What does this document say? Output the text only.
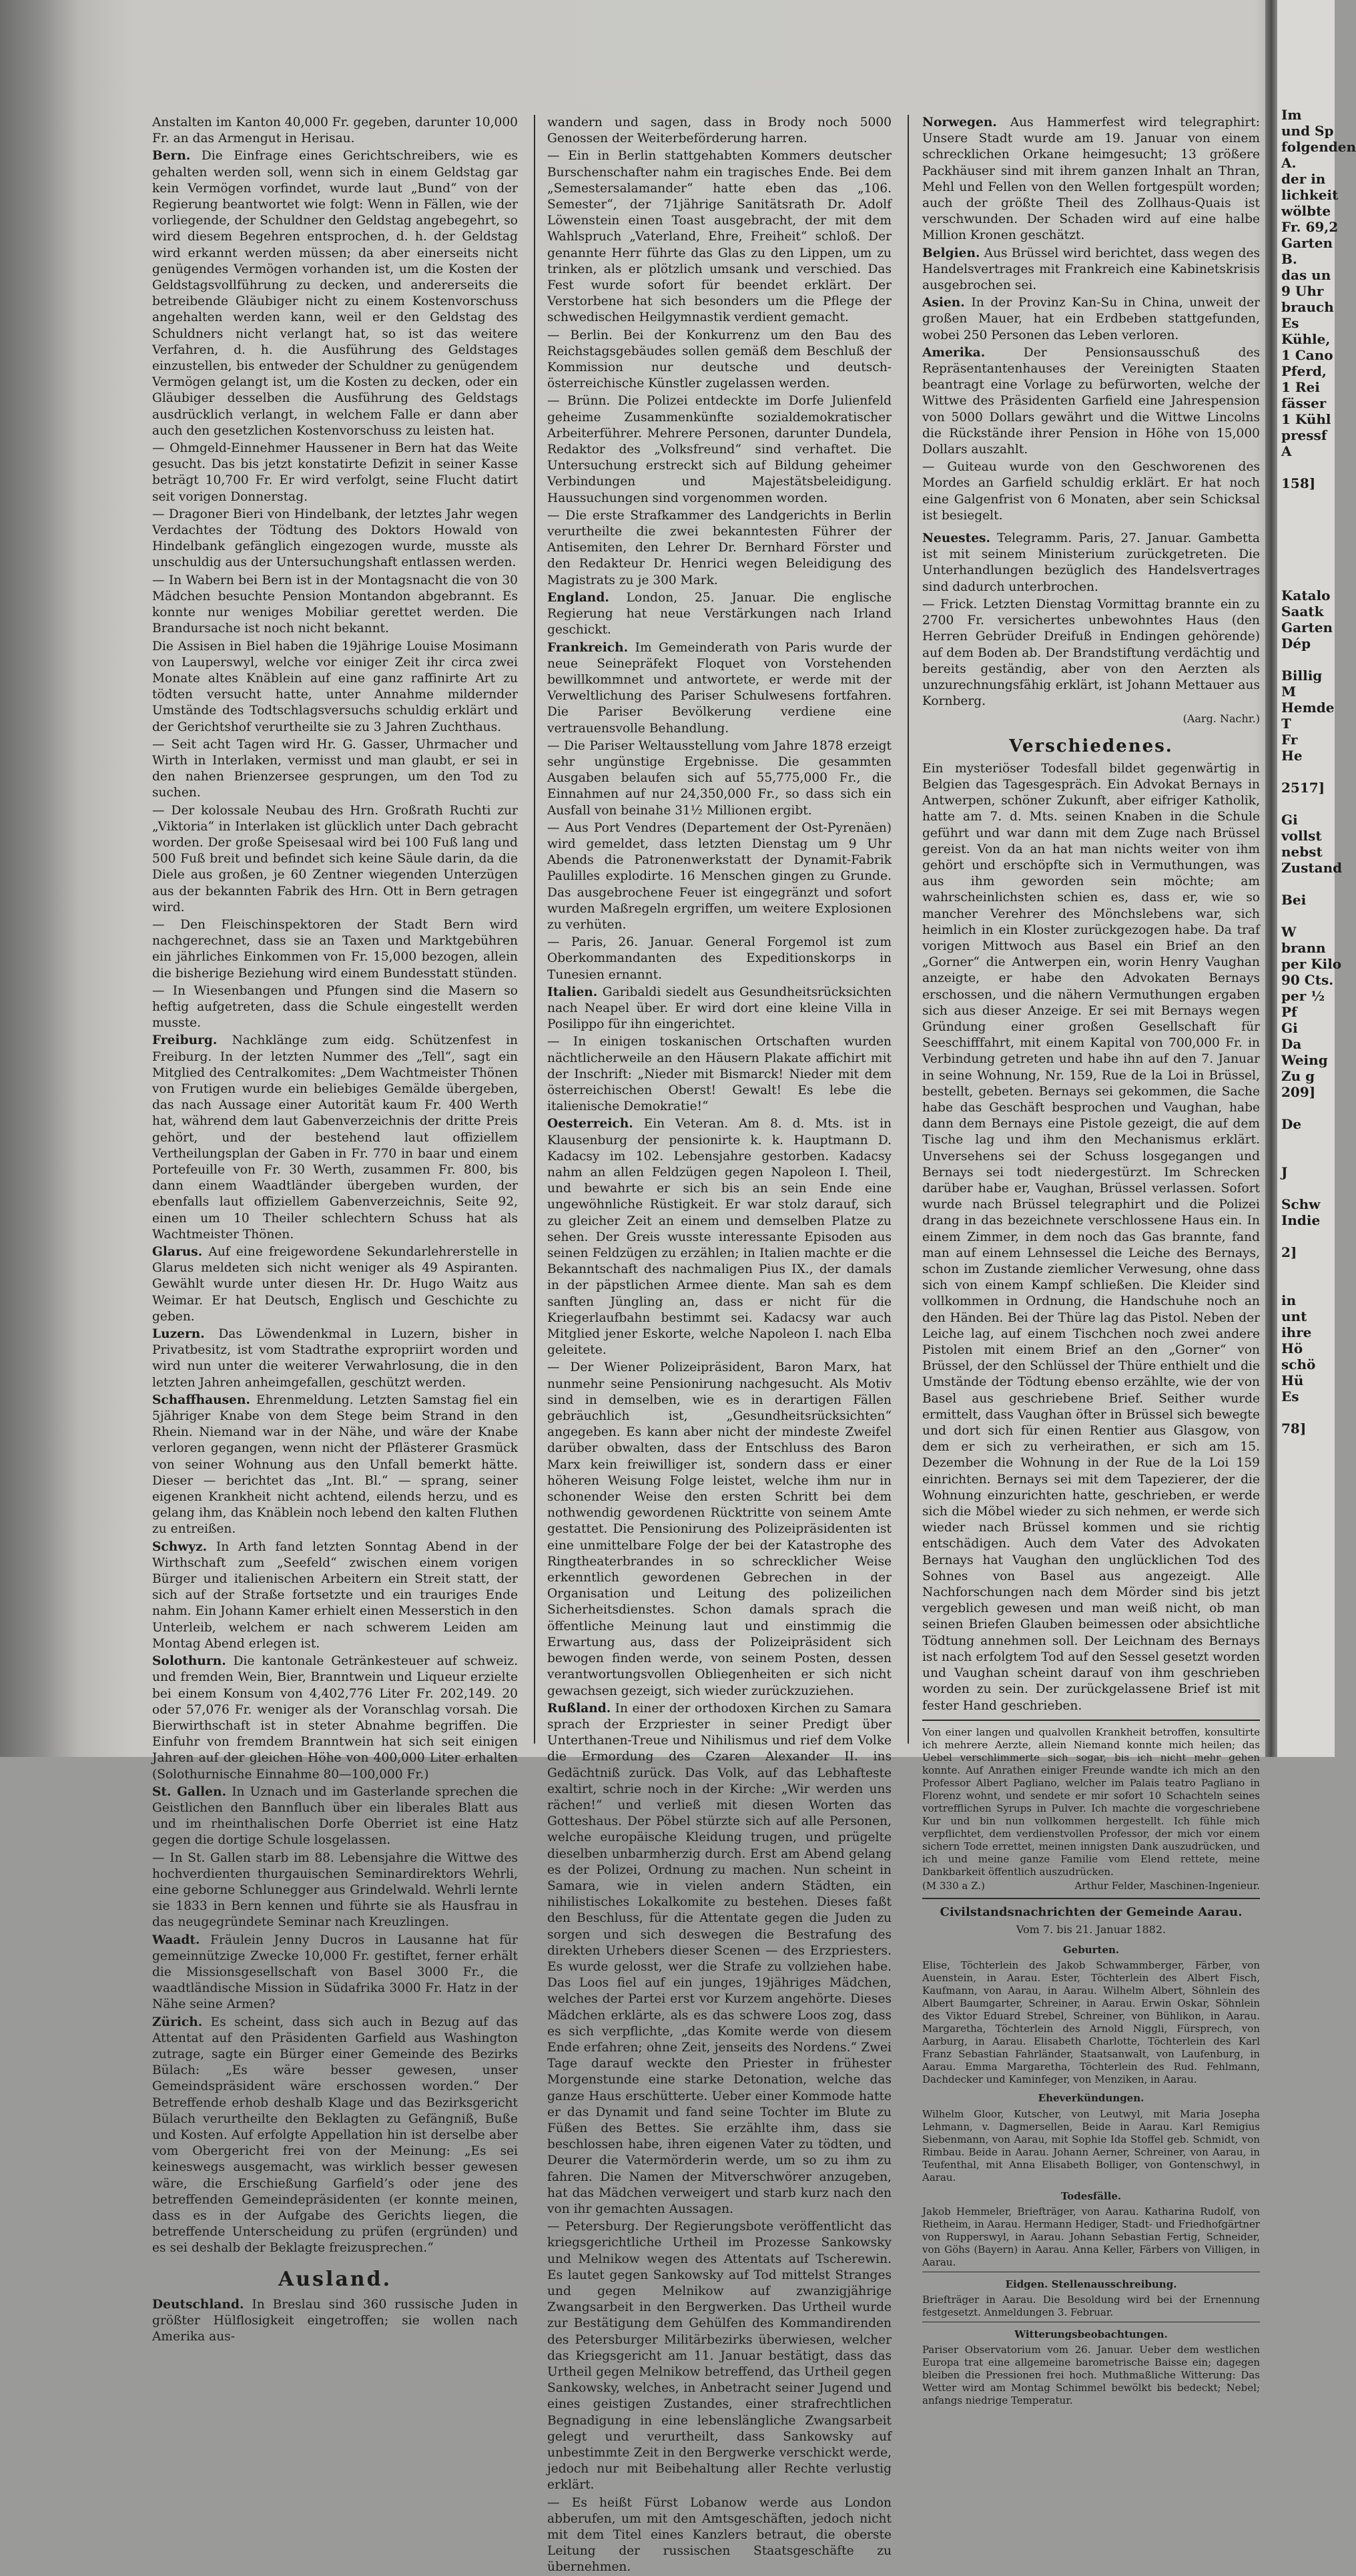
Anstalten im Kanton 40,000 Fr. gegeben, darunter 10,000 Fr. an das Armengut in Herisau.

Bern. Die Einfrage eines Gerichtschreibers, wie es gehalten werden soll, wenn sich in einem Geldstag gar kein Vermögen vorfindet, wurde laut „Bund“ von der Regierung beantwortet wie folgt: Wenn in Fällen, wie der vorliegende, der Schuldner den Geldstag angebegehrt, so wird diesem Begehren entsprochen, d. h. der Geldstag wird erkannt werden müssen; da aber einerseits nicht genügendes Vermögen vorhanden ist, um die Kosten der Geldstagsvollführung zu decken, und andererseits die betreibende Gläubiger nicht zu einem Kostenvorschuss angehalten werden kann, weil er den Geldstag des Schuldners nicht verlangt hat, so ist das weitere Verfahren, d. h. die Ausführung des Geldstages einzustellen, bis entweder der Schuldner zu genügendem Vermögen gelangt ist, um die Kosten zu decken, oder ein Gläubiger desselben die Ausführung des Geldstags ausdrücklich verlangt, in welchem Falle er dann aber auch den gesetzlichen Kostenvorschuss zu leisten hat.

— Ohmgeld-Einnehmer Haussener in Bern hat das Weite gesucht. Das bis jetzt konstatirte Defizit in seiner Kasse beträgt 10,700 Fr. Er wird verfolgt, seine Flucht datirt seit vorigen Donnerstag.

— Dragoner Bieri von Hindelbank, der letztes Jahr wegen Verdachtes der Tödtung des Doktors Howald von Hindelbank gefänglich eingezogen wurde, musste als unschuldig aus der Untersuchungshaft entlassen werden.

— In Wabern bei Bern ist in der Montagsnacht die von 30 Mädchen besuchte Pension Montandon abgebrannt. Es konnte nur weniges Mobiliar gerettet werden. Die Brandursache ist noch nicht bekannt.

Die Assisen in Biel haben die 19jährige Louise Mosimann von Lauperswyl, welche vor einiger Zeit ihr circa zwei Monate altes Knäblein auf eine ganz raffinirte Art zu tödten versucht hatte, unter Annahme mildernder Umstände des Todtschlagsversuchs schuldig erklärt und der Gerichtshof verurtheilte sie zu 3 Jahren Zuchthaus.

— Seit acht Tagen wird Hr. G. Gasser, Uhrmacher und Wirth in Interlaken, vermisst und man glaubt, er sei in den nahen Brienzersee gesprungen, um den Tod zu suchen.

— Der kolossale Neubau des Hrn. Großrath Ruchti zur „Viktoria“ in Interlaken ist glücklich unter Dach gebracht worden. Der große Speisesaal wird bei 100 Fuß lang und 500 Fuß breit und befindet sich keine Säule darin, da die Diele aus großen, je 60 Zentner wiegenden Unterzügen aus der bekannten Fabrik des Hrn. Ott in Bern getragen wird.

— Den Fleischinspektoren der Stadt Bern wird nachgerechnet, dass sie an Taxen und Marktgebühren ein jährliches Einkommen von Fr. 15,000 bezogen, allein die bisherige Beziehung wird einem Bundesstatt stünden.

— In Wiesenbangen und Pfungen sind die Masern so heftig aufgetreten, dass die Schule eingestellt werden musste.

Freiburg. Nachklänge zum eidg. Schützenfest in Freiburg. In der letzten Nummer des „Tell“, sagt ein Mitglied des Centralkomites: „Dem Wachtmeister Thönen von Frutigen wurde ein beliebiges Gemälde übergeben, das nach Aussage einer Autorität kaum Fr. 400 Werth hat, während dem laut Gabenverzeichnis der dritte Preis gehört, und der bestehend laut offiziellem Vertheilungsplan der Gaben in Fr. 770 in baar und einem Portefeuille von Fr. 30 Werth, zusammen Fr. 800, bis dann einem Waadtländer übergeben wurden, der ebenfalls laut offiziellem Gabenverzeichnis, Seite 92, einen um 10 Theiler schlechtern Schuss hat als Wachtmeister Thönen.

Glarus. Auf eine freigewordene Sekundarlehrerstelle in Glarus meldeten sich nicht weniger als 49 Aspiranten. Gewählt wurde unter diesen Hr. Dr. Hugo Waitz aus Weimar. Er hat Deutsch, Englisch und Geschichte zu geben.

Luzern. Das Löwendenkmal in Luzern, bisher in Privatbesitz, ist vom Stadtrathe expropriirt worden und wird nun unter die weiterer Verwahrlosung, die in den letzten Jahren anheimgefallen, geschützt werden.

Schaffhausen. Ehrenmeldung. Letzten Samstag fiel ein 5jähriger Knabe von dem Stege beim Strand in den Rhein. Niemand war in der Nähe, und wäre der Knabe verloren gegangen, wenn nicht der Pflästerer Grasmück von seiner Wohnung aus den Unfall bemerkt hätte. Dieser — berichtet das „Int. Bl.“ — sprang, seiner eigenen Krankheit nicht achtend, eilends herzu, und es gelang ihm, das Knäblein noch lebend den kalten Fluthen zu entreißen.

Schwyz. In Arth fand letzten Sonntag Abend in der Wirthschaft zum „Seefeld“ zwischen einem vorigen Bürger und italienischen Arbeitern ein Streit statt, der sich auf der Straße fortsetzte und ein trauriges Ende nahm. Ein Johann Kamer erhielt einen Messerstich in den Unterleib, welchem er nach schwerem Leiden am Montag Abend erlegen ist.

Solothurn. Die kantonale Getränkesteuer auf schweiz. und fremden Wein, Bier, Branntwein und Liqueur erzielte bei einem Konsum von 4,402,776 Liter Fr. 202,149. 20 oder 57,076 Fr. weniger als der Voranschlag vorsah. Die Bierwirthschaft ist in steter Abnahme begriffen. Die Einfuhr von fremdem Branntwein hat sich seit einigen Jahren auf der gleichen Höhe von 400,000 Liter erhalten (Solothurnische Einnahme 80—100,000 Fr.)

St. Gallen. In Uznach und im Gasterlande sprechen die Geistlichen den Bannfluch über ein liberales Blatt aus und im rheinthalischen Dorfe Oberriet ist eine Hatz gegen die dortige Schule losgelassen.

— In St. Gallen starb im 88. Lebensjahre die Wittwe des hochverdienten thurgauischen Seminardirektors Wehrli, eine geborne Schlunegger aus Grindelwald. Wehrli lernte sie 1833 in Bern kennen und führte sie als Hausfrau in das neugegründete Seminar nach Kreuzlingen.

Waadt. Fräulein Jenny Ducros in Lausanne hat für gemeinnützige Zwecke 10,000 Fr. gestiftet, ferner erhält die Missionsgesellschaft von Basel 3000 Fr., die waadtländische Mission in Südafrika 3000 Fr. Hatz in der Nähe seine Armen?

Zürich. Es scheint, dass sich auch in Bezug auf das Attentat auf den Präsidenten Garfield aus Washington zutrage, sagte ein Bürger einer Gemeinde des Bezirks Bülach: „Es wäre besser gewesen, unser Gemeindspräsident wäre erschossen worden.“ Der Betreffende erhob deshalb Klage und das Bezirksgericht Bülach verurtheilte den Beklagten zu Gefängniß, Buße und Kosten. Auf erfolgte Appellation hin ist derselbe aber vom Obergericht frei von der Meinung: „Es sei keineswegs ausgemacht, was wirklich besser gewesen wäre, die Erschießung Garfield’s oder jene des betreffenden Gemeindepräsidenten (er konnte meinen, dass es in der Aufgabe des Gerichts liegen, die betreffende Unterscheidung zu prüfen (ergründen) und es sei deshalb der Beklagte freizusprechen.“

Ausland.

Deutschland. In Breslau sind 360 russische Juden in größter Hülflosigkeit eingetroffen; sie wollen nach Amerika aus-

wandern und sagen, dass in Brody noch 5000 Genossen der Weiterbeförderung harren.

— Ein in Berlin stattgehabten Kommers deutscher Burschenschafter nahm ein tragisches Ende. Bei dem „Semestersalamander“ hatte eben das „106. Semester“, der 71jährige Sanitätsrath Dr. Adolf Löwenstein einen Toast ausgebracht, der mit dem Wahlspruch „Vaterland, Ehre, Freiheit“ schloß. Der genannte Herr führte das Glas zu den Lippen, um zu trinken, als er plötzlich umsank und verschied. Das Fest wurde sofort für beendet erklärt. Der Verstorbene hat sich besonders um die Pflege der schwedischen Heilgymnastik verdient gemacht.

— Berlin. Bei der Konkurrenz um den Bau des Reichstagsgebäudes sollen gemäß dem Beschluß der Kommission nur deutsche und deutsch-österreichische Künstler zugelassen werden.

— Brünn. Die Polizei entdeckte im Dorfe Julienfeld geheime Zusammenkünfte sozialdemokratischer Arbeiterführer. Mehrere Personen, darunter Dundela, Redaktor des „Volksfreund“ sind verhaftet. Die Untersuchung erstreckt sich auf Bildung geheimer Verbindungen und Majestätsbeleidigung. Haussuchungen sind vorgenommen worden.

— Die erste Strafkammer des Landgerichts in Berlin verurtheilte die zwei bekanntesten Führer der Antisemiten, den Lehrer Dr. Bernhard Förster und den Redakteur Dr. Henrici wegen Beleidigung des Magistrats zu je 300 Mark.

England. London, 25. Januar. Die englische Regierung hat neue Verstärkungen nach Irland geschickt.

Frankreich. Im Gemeinderath von Paris wurde der neue Seinepräfekt Floquet von Vorstehenden bewillkommnet und antwortete, er werde mit der Verweltlichung des Pariser Schulwesens fortfahren. Die Pariser Bevölkerung verdiene eine vertrauensvolle Behandlung.

— Die Pariser Weltausstellung vom Jahre 1878 erzeigt sehr ungünstige Ergebnisse. Die gesammten Ausgaben belaufen sich auf 55,775,000 Fr., die Einnahmen auf nur 24,350,000 Fr., so dass sich ein Ausfall von beinahe 31½ Millionen ergibt.

— Aus Port Vendres (Departement der Ost-Pyrenäen) wird gemeldet, dass letzten Dienstag um 9 Uhr Abends die Patronenwerkstatt der Dynamit-Fabrik Paulilles explodirte. 16 Menschen gingen zu Grunde. Das ausgebrochene Feuer ist eingegränzt und sofort wurden Maßregeln ergriffen, um weitere Explosionen zu verhüten.

— Paris, 26. Januar. General Forgemol ist zum Oberkommandanten des Expeditionskorps in Tunesien ernannt.

Italien. Garibaldi siedelt aus Gesundheitsrücksichten nach Neapel über. Er wird dort eine kleine Villa in Posilippo für ihn eingerichtet.

— In einigen toskanischen Ortschaften wurden nächtlicherweile an den Häusern Plakate affichirt mit der Inschrift: „Nieder mit Bismarck! Nieder mit dem österreichischen Oberst! Gewalt! Es lebe die italienische Demokratie!“

Oesterreich. Ein Veteran. Am 8. d. Mts. ist in Klausenburg der pensionirte k. k. Hauptmann D. Kadacsy im 102. Lebensjahre gestorben. Kadacsy nahm an allen Feldzügen gegen Napoleon I. Theil, und bewahrte er sich bis an sein Ende eine ungewöhnliche Rüstigkeit. Er war stolz darauf, sich zu gleicher Zeit an einem und demselben Platze zu sehen. Der Greis wusste interessante Episoden aus seinen Feldzügen zu erzählen; in Italien machte er die Bekanntschaft des nachmaligen Pius IX., der damals in der päpstlichen Armee diente. Man sah es dem sanften Jüngling an, dass er nicht für die Kriegerlaufbahn bestimmt sei. Kadacsy war auch Mitglied jener Eskorte, welche Napoleon I. nach Elba geleitete.

— Der Wiener Polizeipräsident, Baron Marx, hat nunmehr seine Pensionirung nachgesucht. Als Motiv sind in demselben, wie es in derartigen Fällen gebräuchlich ist, „Gesundheitsrücksichten“ angegeben. Es kann aber nicht der mindeste Zweifel darüber obwalten, dass der Entschluss des Baron Marx kein freiwilliger ist, sondern dass er einer höheren Weisung Folge leistet, welche ihm nur in schonender Weise den ersten Schritt bei dem nothwendig gewordenen Rücktritte von seinem Amte gestattet. Die Pensionirung des Polizeipräsidenten ist eine unmittelbare Folge der bei der Katastrophe des Ringtheaterbrandes in so schrecklicher Weise erkenntlich gewordenen Gebrechen in der Organisation und Leitung des polizeilichen Sicherheitsdienstes. Schon damals sprach die öffentliche Meinung laut und einstimmig die Erwartung aus, dass der Polizeipräsident sich bewogen finden werde, von seinem Posten, dessen verantwortungsvollen Obliegenheiten er sich nicht gewachsen gezeigt, sich wieder zurückzuziehen.

Rußland. In einer der orthodoxen Kirchen zu Samara sprach der Erzpriester in seiner Predigt über Unterthanen-Treue und Nihilismus und rief dem Volke die Ermordung des Czaren Alexander II. ins Gedächtniß zurück. Das Volk, auf das Lebhafteste exaltirt, schrie noch in der Kirche: „Wir werden uns rächen!“ und verließ mit diesen Worten das Gotteshaus. Der Pöbel stürzte sich auf alle Personen, welche europäische Kleidung trugen, und prügelte dieselben unbarmherzig durch. Erst am Abend gelang es der Polizei, Ordnung zu machen. Nun scheint in Samara, wie in vielen andern Städten, ein nihilistisches Lokalkomite zu bestehen. Dieses faßt den Beschluss, für die Attentate gegen die Juden zu sorgen und sich deswegen die Bestrafung des direkten Urhebers dieser Scenen — des Erzpriesters. Es wurde gelosst, wer die Strafe zu vollziehen habe. Das Loos fiel auf ein junges, 19jähriges Mädchen, welches der Partei erst vor Kurzem angehörte. Dieses Mädchen erklärte, als es das schwere Loos zog, dass es sich verpflichte, „das Komite werde von diesem Ende erfahren; ohne Zeit, jenseits des Nordens.“ Zwei Tage darauf weckte den Priester in frühester Morgenstunde eine starke Detonation, welche das ganze Haus erschütterte. Ueber einer Kommode hatte er das Dynamit und fand seine Tochter im Blute zu Füßen des Bettes. Sie erzählte ihm, dass sie beschlossen habe, ihren eigenen Vater zu tödten, und Deurer die Vatermörderin werde, um so zu ihm zu fahren. Die Namen der Mitverschwörer anzugeben, hat das Mädchen verweigert und starb kurz nach den von ihr gemachten Aussagen.

— Petersburg. Der Regierungsbote veröffentlicht das kriegsgerichtliche Urtheil im Prozesse Sankowsky und Melnikow wegen des Attentats auf Tscherewin. Es lautet gegen Sankowsky auf Tod mittelst Stranges und gegen Melnikow auf zwanzigjährige Zwangsarbeit in den Bergwerken. Das Urtheil wurde zur Bestätigung dem Gehülfen des Kommandirenden des Petersburger Militärbezirks überwiesen, welcher das Kriegsgericht am 11. Januar bestätigt, dass das Urtheil gegen Melnikow betreffend, das Urtheil gegen Sankowsky, welches, in Anbetracht seiner Jugend und eines geistigen Zustandes, einer strafrechtlichen Begnadigung in eine lebenslängliche Zwangsarbeit gelegt und verurtheilt, dass Sankowsky auf unbestimmte Zeit in den Bergwerke verschickt werde, jedoch nur mit Beibehaltung aller Rechte verlustig erklärt.

— Es heißt Fürst Lobanow werde aus London abberufen, um mit den Amtsgeschäften, jedoch nicht mit dem Titel eines Kanzlers betraut, die oberste Leitung der russischen Staatsgeschäfte zu übernehmen.

Norwegen. Aus Hammerfest wird telegraphirt: Unsere Stadt wurde am 19. Januar von einem schrecklichen Orkane heimgesucht; 13 größere Packhäuser sind mit ihrem ganzen Inhalt an Thran, Mehl und Fellen von den Wellen fortgespült worden; auch der größte Theil des Zollhaus-Quais ist verschwunden. Der Schaden wird auf eine halbe Million Kronen geschätzt.

Belgien. Aus Brüssel wird berichtet, dass wegen des Handelsvertrages mit Frankreich eine Kabinetskrisis ausgebrochen sei.

Asien. In der Provinz Kan-Su in China, unweit der großen Mauer, hat ein Erdbeben stattgefunden, wobei 250 Personen das Leben verloren.

Amerika.	Der Pensionsausschuß des Repräsentantenhauses der Vereinigten Staaten beantragt eine Vorlage zu befürworten, welche der Wittwe des Präsidenten Garfield eine Jahrespension von 5000 Dollars gewährt und die Wittwe Lincolns die Rückstände ihrer Pension in Höhe von 15,000 Dollars auszahlt.

— Guiteau wurde von den Geschworenen des Mordes an Garfield schuldig erklärt. Er hat noch eine Galgenfrist von 6 Monaten, aber sein Schicksal ist besiegelt.

Neuestes. Telegramm. Paris, 27. Januar. Gambetta ist mit seinem Ministerium zurückgetreten. Die Unterhandlungen bezüglich des Handelsvertrages sind dadurch unterbrochen.

— Frick. Letzten Dienstag Vormittag brannte ein zu 2700 Fr. versichertes unbewohntes Haus (den Herren Gebrüder Dreifuß in Endingen gehörende) auf dem Boden ab. Der Brandstiftung verdächtig und bereits geständig, aber von den Aerzten als unzurechnungsfähig erklärt, ist Johann Mettauer aus Kornberg.

(Aarg. Nachr.)
Verschiedenes.

Ein mysteriöser Todesfall bildet gegenwärtig in Belgien das Tagesgespräch. Ein Advokat Bernays in Antwerpen, schöner Zukunft, aber eifriger Katholik, hatte am 7. d. Mts. seinen Knaben in die Schule geführt und war dann mit dem Zuge nach Brüssel gereist. Von da an hat man nichts weiter von ihm gehört und erschöpfte sich in Vermuthungen, was aus ihm geworden sein möchte; am wahrscheinlichsten schien es, dass er, wie so mancher Verehrer des Mönchslebens war, sich heimlich in ein Kloster zurückgezogen habe. Da traf vorigen Mittwoch aus Basel ein Brief an den „Gorner“ die Antwerpen ein, worin Henry Vaughan anzeigte, er habe den Advokaten Bernays erschossen, und die nähern Vermuthungen ergaben sich aus dieser Anzeige. Er sei mit Bernays wegen Gründung einer großen Gesellschaft für Seeschifffahrt, mit einem Kapital von 700,000 Fr. in Verbindung getreten und habe ihn auf den 7. Januar in seine Wohnung, Nr. 159, Rue de la Loi in Brüssel, bestellt, gebeten. Bernays sei gekommen, die Sache habe das Geschäft besprochen und Vaughan, habe dann dem Bernays eine Pistole gezeigt, die auf dem Tische lag und ihm den Mechanismus erklärt. Unversehens sei der Schuss losgegangen und Bernays sei todt niedergestürzt. Im Schrecken darüber habe er, Vaughan, Brüssel verlassen. Sofort wurde nach Brüssel telegraphirt und die Polizei drang in das bezeichnete verschlossene Haus ein. In einem Zimmer, in dem noch das Gas brannte, fand man auf einem Lehnsessel die Leiche des Bernays, schon im Zustande ziemlicher Verwesung, ohne dass sich von einem Kampf schließen. Die Kleider sind vollkommen in Ordnung, die Handschuhe noch an den Händen. Bei der Thüre lag das Pistol. Neben der Leiche lag, auf einem Tischchen noch zwei andere Pistolen mit einem Brief an den „Gorner“ von Brüssel, der den Schlüssel der Thüre enthielt und die Umstände der Tödtung ebenso erzählte, wie der von Basel aus geschriebene Brief. Seither wurde ermittelt, dass Vaughan öfter in Brüssel sich bewegte und dort sich für einen Rentier aus Glasgow, von dem er sich zu verheirathen, er sich am 15. Dezember die Wohnung in der Rue de la Loi 159 einrichten. Bernays sei mit dem Tapezierer, der die Wohnung einzurichten hatte, geschrieben, er werde sich die Möbel wieder zu sich nehmen, er werde sich wieder nach Brüssel kommen und sie richtig entschädigen. Auch dem Vater des Advokaten Bernays hat Vaughan den unglücklichen Tod des Sohnes von Basel aus angezeigt. Alle Nachforschungen nach dem Mörder sind bis jetzt vergeblich gewesen und man weiß nicht, ob man seinen Briefen Glauben beimessen oder absichtliche Tödtung annehmen soll. Der Leichnam des Bernays ist nach erfolgtem Tod auf den Sessel gesetzt worden und Vaughan scheint darauf von ihm geschrieben worden zu sein. Der zurückgelassene Brief ist mit fester Hand geschrieben.

Von einer langen und qualvollen Krankheit betroffen, konsultirte ich mehrere Aerzte, allein Niemand konnte mich heilen; das Uebel verschlimmerte sich sogar, bis ich nicht mehr gehen konnte. Auf Anrathen einiger Freunde wandte ich mich an den Professor Albert Pagliano, welcher im Palais teatro Pagliano in Florenz wohnt, und sendete er mir sofort 10 Schachteln seines vortrefflichen Syrups in Pulver. Ich machte die vorgeschriebene Kur und bin nun vollkommen hergestellt. Ich fühle mich verpflichtet, dem verdienstvollen Professor, der mich vor einem sichern Tode errettet, meinen innigsten Dank auszudrücken, und ich und meine ganze Familie vom Elend rettete, meine Dankbarkeit öffentlich auszudrücken.

(M 330 a Z.)	Arthur Felder, Maschinen-Ingenieur.
Civilstandsnachrichten der Gemeinde Aarau.
Vom 7. bis 21. Januar 1882.
Geburten.

Elise, Töchterlein des Jakob Schwammberger, Färber, von Auenstein, in Aarau. Ester, Töchterlein des Albert Fisch, Kaufmann, von Aarau, in Aarau. Wilhelm Albert, Söhnlein des Albert Baumgarter, Schreiner, in Aarau. Erwin Oskar, Söhnlein des Viktor Eduard Strebel, Schreiner, von Bühlikon, in Aarau. Margaretha, Töchterlein des Arnold Niggli, Fürsprech, von Aarburg, in Aarau. Elisabeth Charlotte, Töchterlein des Karl Franz Sebastian Fahrländer, Staatsanwalt, von Laufenburg, in Aarau. Emma Margaretha, Töchterlein des Rud. Fehlmann, Dachdecker und Kaminfeger, von Menziken, in Aarau.

Eheverkündungen.

Wilhelm Gloor, Kutscher, von Leutwyl, mit Maria Josepha Lehmann, v. Dagmersellen, Beide in Aarau. Karl Remigius Siebenmann, von Aarau, mit Sophie Ida Stoffel geb. Schmidt, von Rimbau. Beide in Aarau. Johann Aerner, Schreiner, von Aarau, in Teufenthal, mit Anna Elisabeth Bolliger, von Gontenschwyl, in Aarau.

Todesfälle.

Jakob Hemmeler, Briefträger, von Aarau. Katharina Rudolf, von Rietheim, in Aarau. Hermann Hediger, Stadt- und Friedhofgärtner von Rupperswyl, in Aarau. Johann Sebastian Fertig, Schneider, von Göhs (Bayern) in Aarau. Anna Keller, Färbers von Villigen, in Aarau.

Eidgen. Stellenausschreibung.

Briefträger in Aarau. Die Besoldung wird bei der Ernennung festgesetzt. Anmeldungen 3. Februar.

Witterungsbeobachtungen.

Pariser Observatorium vom 26. Januar. Ueber dem westlichen Europa trat eine allgemeine barometrische Baisse ein; dagegen bleiben die Pressionen frei hoch. Muthmaßliche Witterung: Das Wetter wird am Montag Schimmel bewölkt bis bedeckt; Nebel; anfangs niedrige Temperatur.

Im
und Sp
folgenden
A.
der in
lichkeit
wölbte
Fr. 69,2
Garten
B.
das un
9 Uhr
brauch
Es
Kühle,
1 Cano
Pferd,
1 Rei
fässer
1 Kühl
pressf
A
158]
Katalo
Saatk
Garten
Dép
Billig
M
Hemde
T
Fr
He
2517]
Gi
vollst
nebst
Zustand
Bei
W
brann
per Kilo
90 Cts.
per ½
Pf
Gi
Da
Weing
Zu g
209]
De
J
Schw
Indie
2]
in
unt
ihre
Hö
schö
Hü
Es
78]
